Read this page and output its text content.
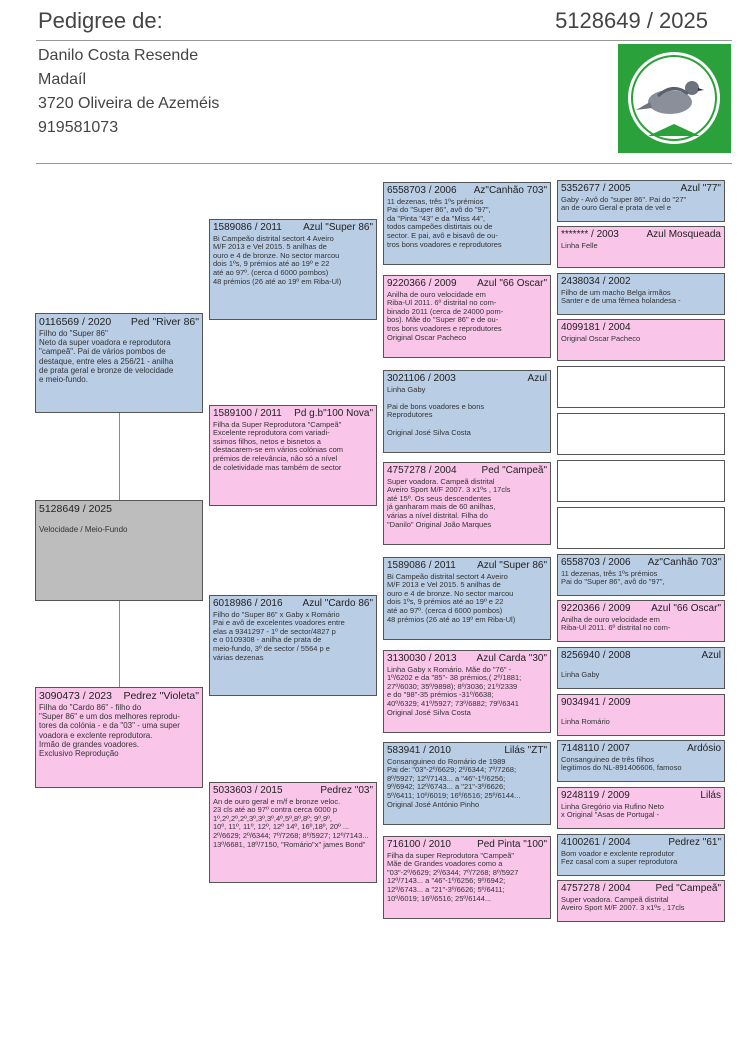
Pedigree de:	5128649 / 2025
Danilo Costa Resende
Madaíl
3720 Oliveira de Azeméis
919581073
5128649 / 2025
Velocidade / Meio-Fundo
0116569 / 2020 Ped "River 86"
Filho do "Super 86"
Neto da super voadora e reprodutora
"campeã". Pai de vários pombos de
destaque, entre eles a 256/21 - anilha
de prata geral e bronze de velocidade
e meio-fundo.
3090473 / 2023 Pedrez "Violeta"
Filha do "Cardo 86" - filho do
"Super 86" e um dos melhores reprodu-
tores da colónia - e da "03" - uma super
voadora e exclente reprodutora.
Irmão de grandes voadores.
Exclusivo Reprodução
1589086 / 2011 Azul "Super 86"
Bi Campeão distrital sectort 4 Aveiro
M/F 2013 e Vel 2015. 5 anilhas de
ouro e 4 de bronze. No sector marcou
dois 1ºs, 9 prémios até ao 19º e 22
até ao 97º. (cerca d 6000 pombos)
48 prémios (26 até ao 19º em Riba-Ul)
1589100 / 2011 Pd g.b"100 Nova"
Filha da Super Reprodutora "Campeã"
Excelente reprodutora com variadi-
ssimos filhos, netos e bisnetos a
destacarem-se em vários colónias com
prémios de relevância, não só a nível
de coletividade mas também de sector
6018986 / 2016 Azul "Cardo 86"
Filho do "Super 86" x Gaby x Romário
Pai e avô de excelentes voadores entre
elas a 9341297 - 1º de sector/4827 p
e o 0109308 - anilha de prata de
meio-fundo, 3º de sector / 5564 p e
várias dezenas
5033603 / 2015	Pedrez "03"
An de ouro geral e m/f e bronze veloc.
23 cls até ao 97º contra cerca 6000 p
1º,2º,2º,2º,3º,3º,3º,4º,5º,8º,8º; 9º,9º,
10º, 11º, 11º, 12º, 12º 14º, 16º,18º, 20º ...
2º/6629; 2º/6344; 7º/7268; 8º/5927; 12º/7143...
13º/6681, 18º/7150, "Romário"x" james Bond"
6558703 / 2006 Az"Canhão 703"
11 dezenas, três 1ºs prémios
Pai do "Super 86", avô do "97",
da "Pinta "43" e da "Miss 44",
todos campeões distirtais ou de
sector. E pai, avô e bisavô de ou-
tros bons voadores e reprodutores
9220366 / 2009 Azul "66 Oscar"
Anilha de ouro velocidade em
Riba-Ul 2011. 6º distrital no com-
binado 2011 (cerca de 24000 pom-
bos). Mãe do "Super 86" e de ou-
tros bons voadores e reprodutores
Original Oscar Pacheco
3021106 / 2003	Azul
Linha Gaby

Pai de bons voadores e bons
Reprodutores

Original José Silva Costa
4757278 / 2004	Ped "Campeã"
Super voadora. Campeã distrital
Aveiro Sport M/F 2007. 3 x1ºs , 17cls
até 15º. Os seus descendentes
já ganharam mais de 60 anilhas,
várias a nível distrital. Filha do
"Danilo" Original João Marques
1589086 / 2011 Azul "Super 86"
Bi Campeão distrital sectort 4 Aveiro
M/F 2013 e Vel 2015. 5 anilhas de
ouro e 4 de bronze. No sector marcou
dois 1ºs, 9 prémios até ao 19º e 22
até ao 97º. (cerca d 6000 pombos)
48 prémios (26 até ao 19º em Riba-Ul)
3130030 / 2013 Azul Carda "30"
Linha Gaby x Romário. Mãe do "76" -
1º/6202 e da "85"- 38 prémios,( 2º/1881;
27º/6030; 35º/9898); 8º/3036; 21º/2339
e do "98"-35 prémios -31º/6638;
40º/6329; 41º/5927; 73º/6882; 79º/6341
Original José Silva Costa
583941 / 2010	Lilás "ZT"
Consanguineo do Romário de 1989
Pai de: "03"-2º/6629; 2º/6344; 7º/7268;
8º/5927; 12º/7143... a "46"-1º/6256;
9º/6942; 12º/6743... a "21"-3º/6626;
5º/6411; 10º/6019; 16º/6516; 25º/6144...
Original José António Pinho
716100 / 2010	Ped Pinta "100"
Filha da super Reprodutora "Campeã"
Mãe de Grandes voadores como a
"03"-2º/6629; 2º/6344; 7º/7268; 8º/5927
12º/7143... a "46"-1º/6256; 9º/6942;
12º/6743... a "21"-3º/6626; 5º/6411;
10º/6019; 16º/6516; 25º/6144...
5352677 / 2005	Azul "77"
Gaby - Avô do "super 86". Pai do "27"
an de ouro Geral e prata de vel e
******* / 2003	Azul Mosqueada
Linha Felle
2438034 / 2002
Filho de um macho Belga irmãos
Santer e de uma fêmea holandesa -
4099181 / 2004
Original Oscar Pacheco
6558703 / 2006 Az"Canhão 703"
11 dezenas, três 1ºs prémios
Pai do "Super 86", avô do "97",
9220366 / 2009 Azul "66 Oscar"
Anilha de ouro velocidade em
Riba-Ul 2011. 6º distrital no com-
8256940 / 2008	Azul

Linha Gaby
9034941 / 2009

Linha Romário
7148110 / 2007	Ardósio
Consanguineo de três filhos
legitimos do NL-891406606, famoso
9248119 / 2009	Lilás
Linha Gregório via Rufino Neto
x Original "Asas de Portugal -
4100261 / 2004	Pedrez "61"
Bom voador e exclente reprodutor
Fez casal com a super reprodutora
4757278 / 2004	Ped "Campeã"
Super voadora. Campeã distrital
Aveiro Sport M/F 2007. 3 x1ºs , 17cls
